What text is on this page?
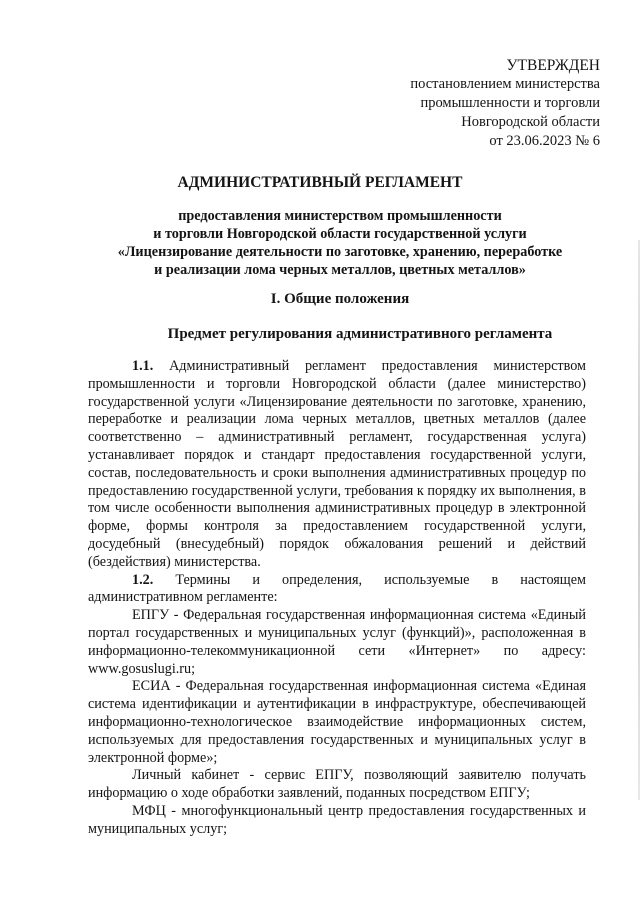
УТВЕРЖДЕН
постановлением министерства
промышленности и торговли
Новгородской области
от 23.06.2023 № 6
АДМИНИСТРАТИВНЫЙ РЕГЛАМЕНТ
предоставления министерством промышленности
и торговли Новгородской области государственной услуги
«Лицензирование деятельности по заготовке, хранению, переработке
и реализации лома черных металлов, цветных металлов»
I. Общие положения
Предмет регулирования административного регламента

1.1. Административный регламент предоставления министерством промышленности и торговли Новгородской области (далее министерство) государственной услуги «Лицензирование деятельности по заготовке, хранению, переработке и реализации лома черных металлов, цветных металлов (далее соответственно – административный регламент, государственная услуга) устанавливает порядок и стандарт предоставления государственной услуги, состав, последовательность и сроки выполнения административных процедур по предоставлению государственной услуги, требования к порядку их выполнения, в том числе особенности выполнения административных процедур в электронной форме, формы контроля за предоставлением государственной услуги, досудебный (внесудебный) порядок обжалования решений и действий (бездействия) министерства.

1.2. Термины и определения, используемые в настоящем административном регламенте:

ЕПГУ - Федеральная государственная информационная система «Единый портал государственных и муниципальных услуг (функций)», расположенная в информационно-телекоммуникационной сети «Интернет» по адресу: www.gosuslugi.ru;

ЕСИА - Федеральная государственная информационная система «Единая система идентификации и аутентификации в инфраструктуре, обеспечивающей информационно-технологическое взаимодействие информационных систем, используемых для предоставления государственных и муниципальных услуг в электронной форме»;

Личный кабинет - сервис ЕПГУ, позволяющий заявителю получать информацию о ходе обработки заявлений, поданных посредством ЕПГУ;

МФЦ - многофункциональный центр предоставления государственных и муниципальных услуг;
